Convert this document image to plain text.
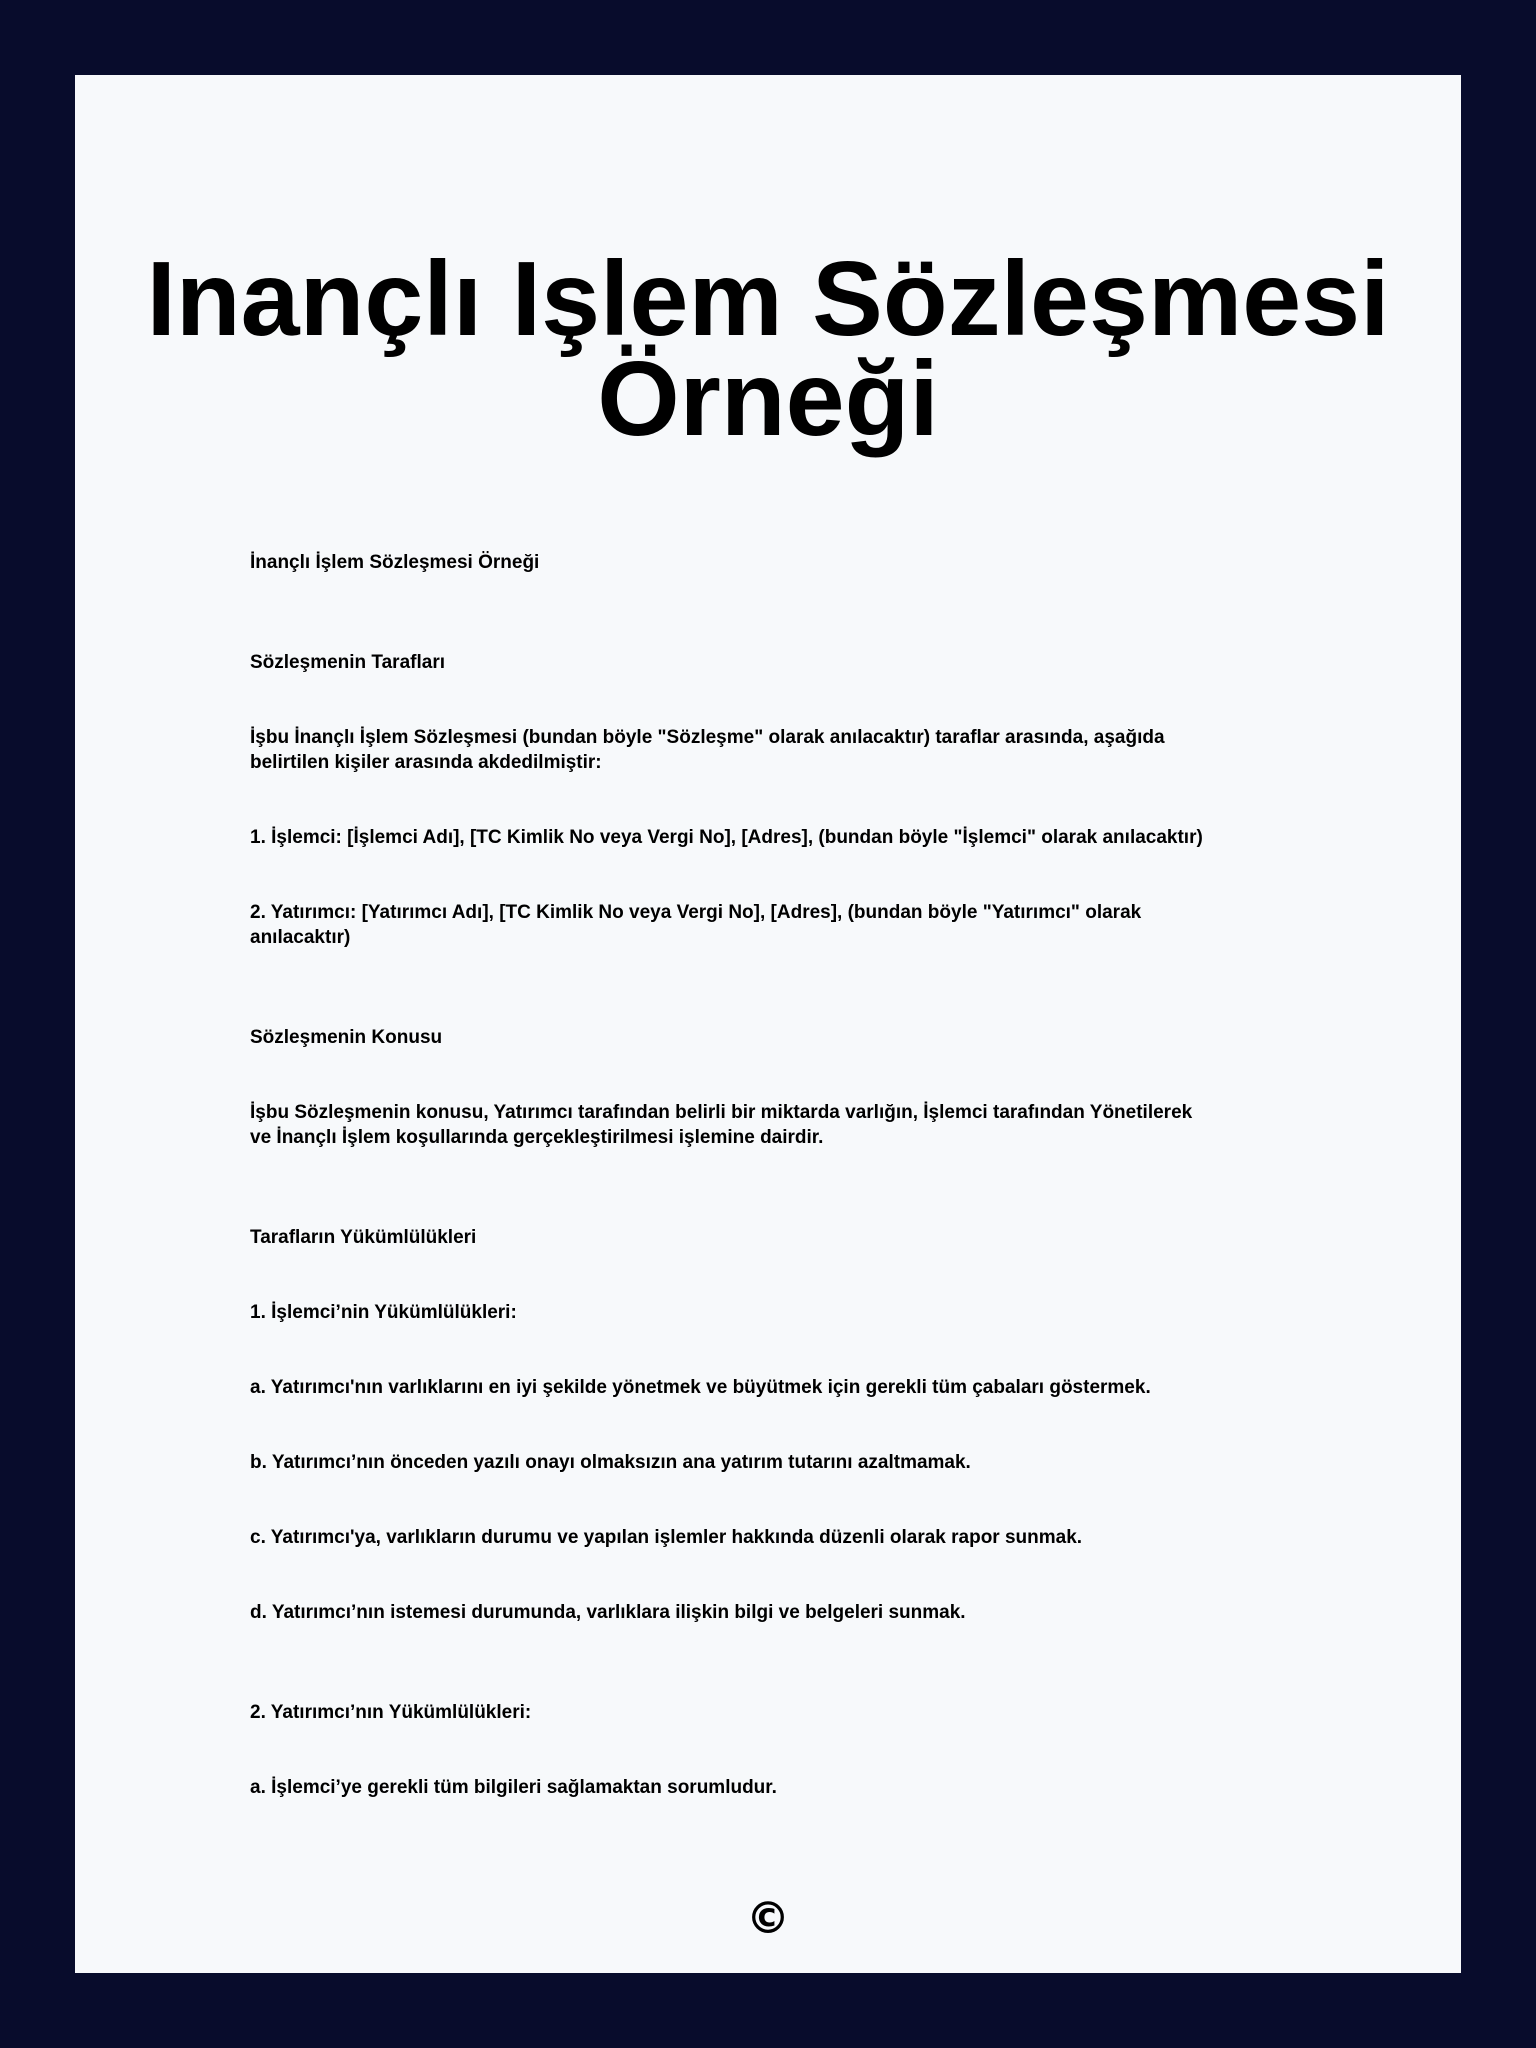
Inançlı Işlem Sözleşmesi Örneği

İnançlı İşlem Sözleşmesi Örneği

Sözleşmenin Tarafları

İşbu İnançlı İşlem Sözleşmesi (bundan böyle "Sözleşme" olarak anılacaktır) taraflar arasında, aşağıda

belirtilen kişiler arasında akdedilmiştir:

1. İşlemci: [İşlemci Adı], [TC Kimlik No veya Vergi No], [Adres], (bundan böyle "İşlemci" olarak anılacaktır)

2. Yatırımcı: [Yatırımcı Adı], [TC Kimlik No veya Vergi No], [Adres], (bundan böyle "Yatırımcı" olarak

anılacaktır)

Sözleşmenin Konusu

İşbu Sözleşmenin konusu, Yatırımcı tarafından belirli bir miktarda varlığın, İşlemci tarafından Yönetilerek

ve İnançlı İşlem koşullarında gerçekleştirilmesi işlemine dairdir.

Tarafların Yükümlülükleri

1. İşlemci’nin Yükümlülükleri:

a. Yatırımcı'nın varlıklarını en iyi şekilde yönetmek ve büyütmek için gerekli tüm çabaları göstermek.

b. Yatırımcı’nın önceden yazılı onayı olmaksızın ana yatırım tutarını azaltmamak.

c. Yatırımcı'ya, varlıkların durumu ve yapılan işlemler hakkında düzenli olarak rapor sunmak.

d. Yatırımcı’nın istemesi durumunda, varlıklara ilişkin bilgi ve belgeleri sunmak.

2. Yatırımcı’nın Yükümlülükleri:

a. İşlemci’ye gerekli tüm bilgileri sağlamaktan sorumludur.

©
